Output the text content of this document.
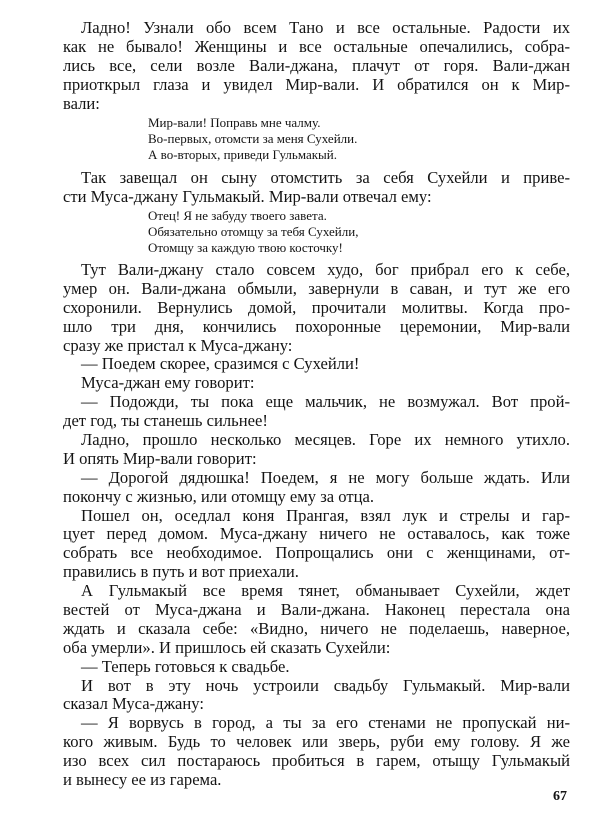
Ладно! Узнали обо всем Тано и все остальные. Радости их
как не бывало! Женщины и все остальные опечалились, собра-
лись все, сели возле Вали-джана, плачут от горя. Вали-джан
приоткрыл глаза и увидел Мир-вали. И обратился он к Мир-
вали:
Мир-вали! Поправь мне чалму.
Во-первых, отомсти за меня Сухейли.
А во-вторых, приведи Гульмакый.
Так завещал он сыну отомстить за себя Сухейли и приве-
сти Муса-джану Гульмакый. Мир-вали отвечал ему:
Отец! Я не забуду твоего завета.
Обязательно отомщу за тебя Сухейли,
Отомщу за каждую твою косточку!
Тут Вали-джану стало совсем худо, бог прибрал его к себе,
умер он. Вали-джана обмыли, завернули в саван, и тут же его
схоронили. Вернулись домой, прочитали молитвы. Когда про-
шло три дня, кончились похоронные церемонии, Мир-вали
сразу же пристал к Муса-джану:
— Поедем скорее, сразимся с Сухейли!
Муса-джан ему говорит:
— Подожди, ты пока еще мальчик, не возмужал. Вот прой-
дет год, ты станешь сильнее!
Ладно, прошло несколько месяцев. Горе их немного утихло.
И опять Мир-вали говорит:
— Дорогой дядюшка! Поедем, я не могу больше ждать. Или
покончу с жизнью, или отомщу ему за отца.
Пошел он, оседлал коня Прангая, взял лук и стрелы и гар-
цует перед домом. Муса-джану ничего не оставалось, как тоже
собрать все необходимое. Попрощались они с женщинами, от-
правились в путь и вот приехали.
А Гульмакый все время тянет, обманывает Сухейли, ждет
вестей от Муса-джана и Вали-джана. Наконец перестала она
ждать и сказала себе: «Видно, ничего не поделаешь, наверное,
оба умерли». И пришлось ей сказать Сухейли:
— Теперь готовься к свадьбе.
И вот в эту ночь устроили свадьбу Гульмакый. Мир-вали
сказал Муса-джану:
— Я ворвусь в город, а ты за его стенами не пропускай ни-
кого живым. Будь то человек или зверь, руби ему голову. Я же
изо всех сил постараюсь пробиться в гарем, отыщу Гульмакый
и вынесу ее из гарема.
67
